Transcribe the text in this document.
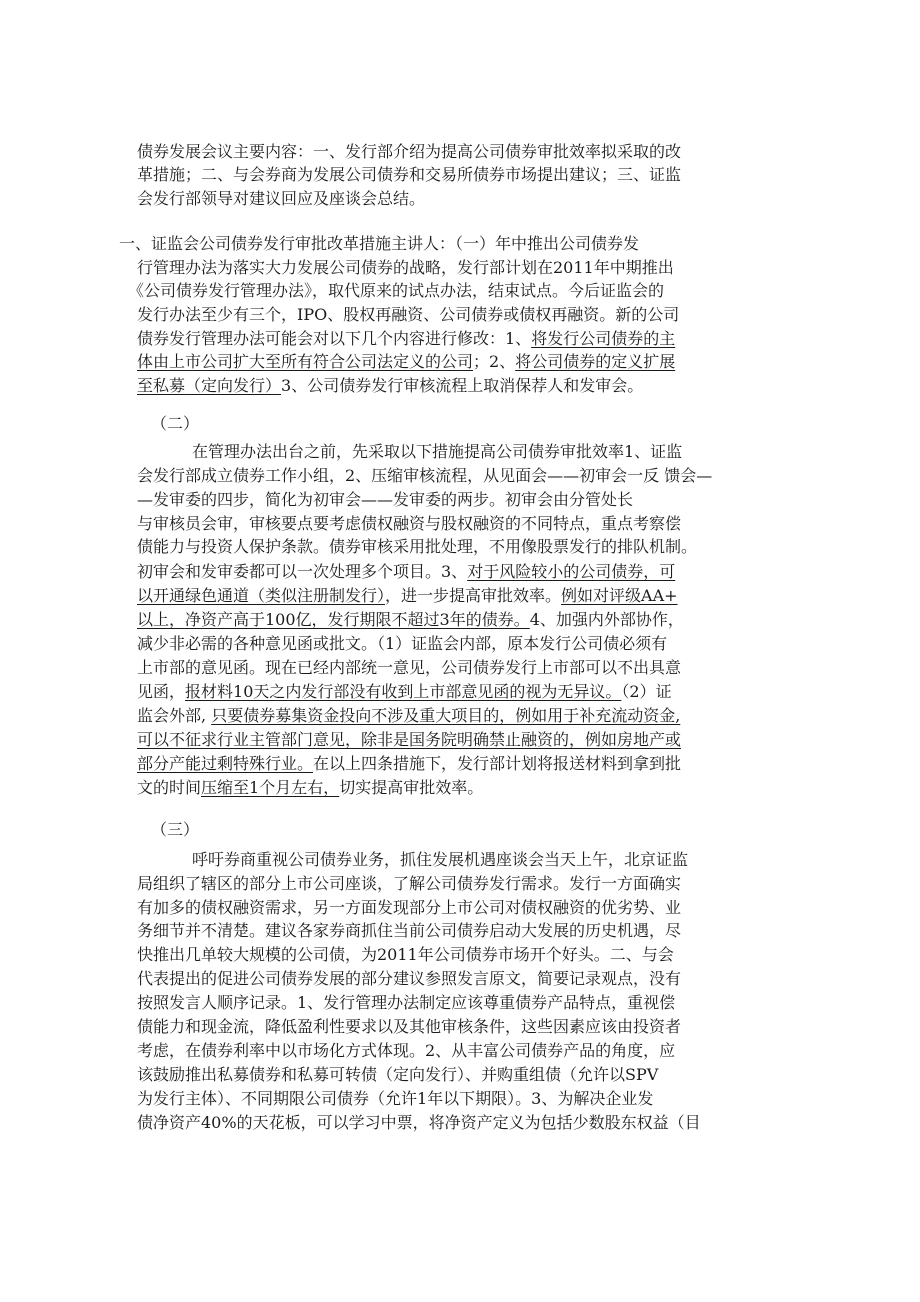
债券发展会议主要内容：一、发行部介绍为提高公司债券审批效率拟采取的改
革措施；二、与会券商为发展公司债券和交易所债券市场提出建议；三、证监
会发行部领导对建议回应及座谈会总结。
一、证监会公司债券发行审批改革措施主讲人：（一）年中推出公司债券发
行管理办法为落实大力发展公司债券的战略，发行部计划在2011年中期推出
《公司债券发行管理办法》，取代原来的试点办法，结束试点。今后证监会的
发行办法至少有三个，IPO、股权再融资、公司债券或债权再融资。新的公司
债券发行管理办法可能会对以下几个内容进行修改：1、将发行公司债券的主
体由上市公司扩大至所有符合公司法定义的公司；2、将公司债券的定义扩展
至私募（定向发行）3、公司债券发行审核流程上取消保荐人和发审会。
（二）
在管理办法出台之前，先采取以下措施提高公司债券审批效率1、证监
会发行部成立债券工作小组，2、压缩审核流程，从见面会——初审会一反 馈会—
—发审委的四步，简化为初审会——发审委的两步。初审会由分管处长
与审核员会审，审核要点要考虑债权融资与股权融资的不同特点，重点考察偿
债能力与投资人保护条款。债券审核采用批处理，不用像股票发行的排队机制。
初审会和发审委都可以一次处理多个项目。3、对于风险较小的公司债券，可
以开通绿色通道（类似注册制发行），进一步提高审批效率。例如对评级AA+
以上，净资产高于100亿，发行期限不超过3年的债券。4、加强内外部协作，
减少非必需的各种意见函或批文。（1）证监会内部，原本发行公司债必须有
上市部的意见函。现在已经内部统一意见，公司债券发行上市部可以不出具意
见函，报材料10天之内发行部没有收到上市部意见函的视为无异议。（2）证
监会外部, 只要债券募集资金投向不涉及重大项目的，例如用于补充流动资金,
可以不征求行业主管部门意见，除非是国务院明确禁止融资的，例如房地产或
部分产能过剩特殊行业。在以上四条措施下，发行部计划将报送材料到拿到批
文的时间压缩至1个月左右，切实提高审批效率。
（三）
呼吁券商重视公司债券业务，抓住发展机遇座谈会当天上午，北京证监
局组织了辖区的部分上市公司座谈，了解公司债券发行需求。发行一方面确实
有加多的债权融资需求，另一方面发现部分上市公司对债权融资的优劣势、业
务细节并不清楚。建议各家券商抓住当前公司债券启动大发展的历史机遇，尽
快推出几单较大规模的公司债，为2011年公司债券市场开个好头。二、与会
代表提出的促进公司债券发展的部分建议参照发言原文，简要记录观点，没有
按照发言人顺序记录。1、发行管理办法制定应该尊重债券产品特点，重视偿
债能力和现金流，降低盈利性要求以及其他审核条件，这些因素应该由投资者
考虑，在债券利率中以市场化方式体现。2、从丰富公司债券产品的角度，应
该鼓励推出私募债券和私募可转债（定向发行）、并购重组债（允许以SPV
为发行主体）、不同期限公司债券（允许1年以下期限）。3、为解决企业发
债净资产40%的天花板，可以学习中票，将净资产定义为包括少数股东权益（目
